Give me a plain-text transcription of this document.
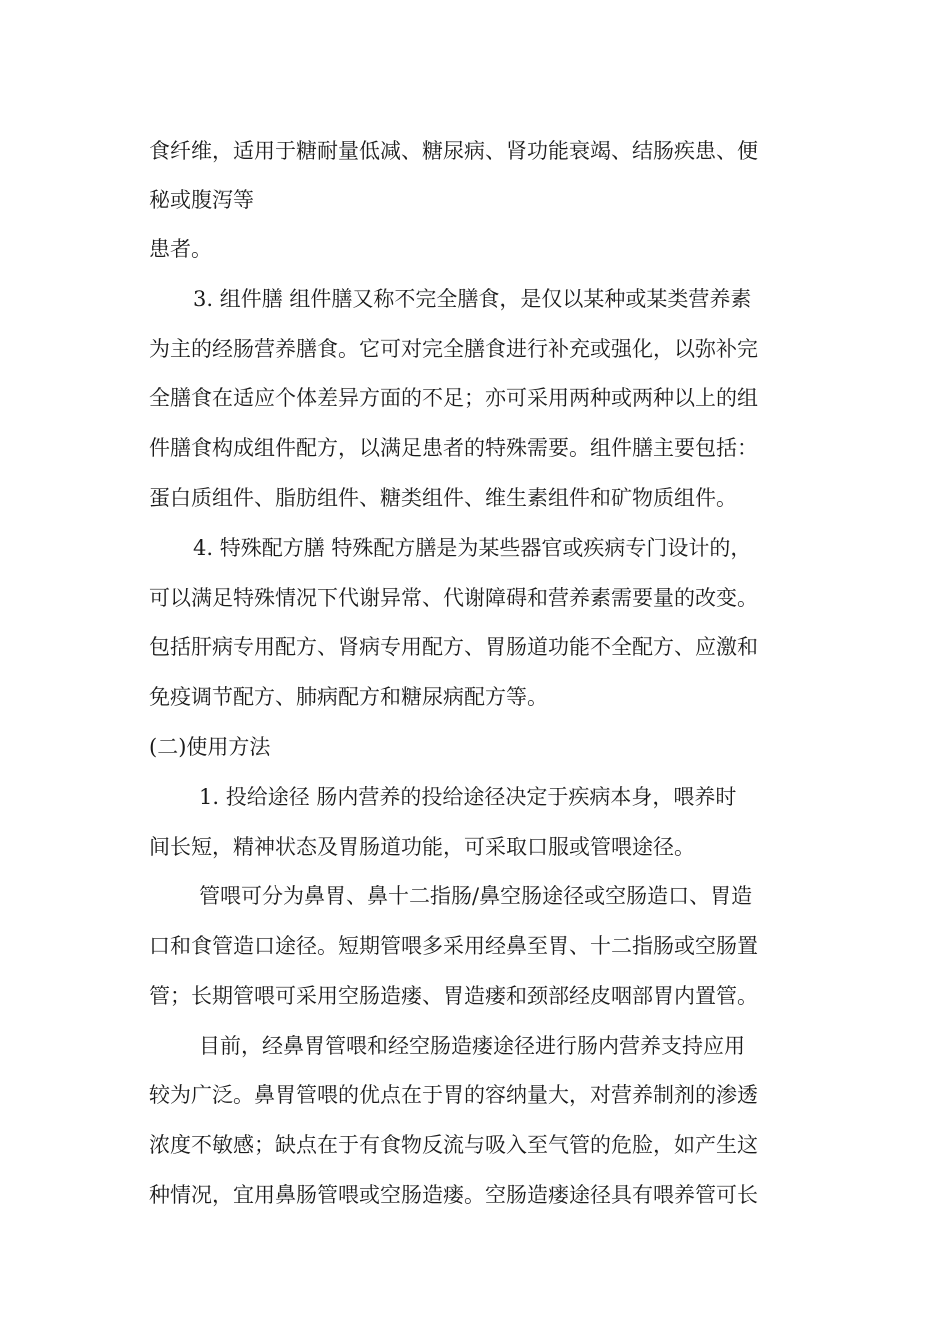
食纤维，适用于糖耐量低减、糖尿病、肾功能衰竭、结肠疾患、便
秘或腹泻等
患者。
3. 组件膳 组件膳又称不完全膳食，是仅以某种或某类营养素
为主的经肠营养膳食。它可对完全膳食进行补充或强化，以弥补完
全膳食在适应个体差异方面的不足；亦可采用两种或两种以上的组
件膳食构成组件配方，以满足患者的特殊需要。组件膳主要包括：
蛋白质组件、脂肪组件、糖类组件、维生素组件和矿物质组件。
4. 特殊配方膳 特殊配方膳是为某些器官或疾病专门设计的，
可以满足特殊情况下代谢异常、代谢障碍和营养素需要量的改变。
包括肝病专用配方、肾病专用配方、胃肠道功能不全配方、应激和
免疫调节配方、肺病配方和糖尿病配方等。
(二)使用方法
1. 投给途径 肠内营养的投给途径决定于疾病本身，喂养时
间长短，精神状态及胃肠道功能，可采取口服或管喂途径。
管喂可分为鼻胃、鼻十二指肠/鼻空肠途径或空肠造口、胃造
口和食管造口途径。短期管喂多采用经鼻至胃、十二指肠或空肠置
管；长期管喂可采用空肠造瘘、胃造瘘和颈部经皮咽部胃内置管。
目前，经鼻胃管喂和经空肠造瘘途径进行肠内营养支持应用
较为广泛。鼻胃管喂的优点在于胃的容纳量大，对营养制剂的渗透
浓度不敏感；缺点在于有食物反流与吸入至气管的危脸，如产生这
种情况，宜用鼻肠管喂或空肠造瘘。空肠造瘘途径具有喂养管可长
